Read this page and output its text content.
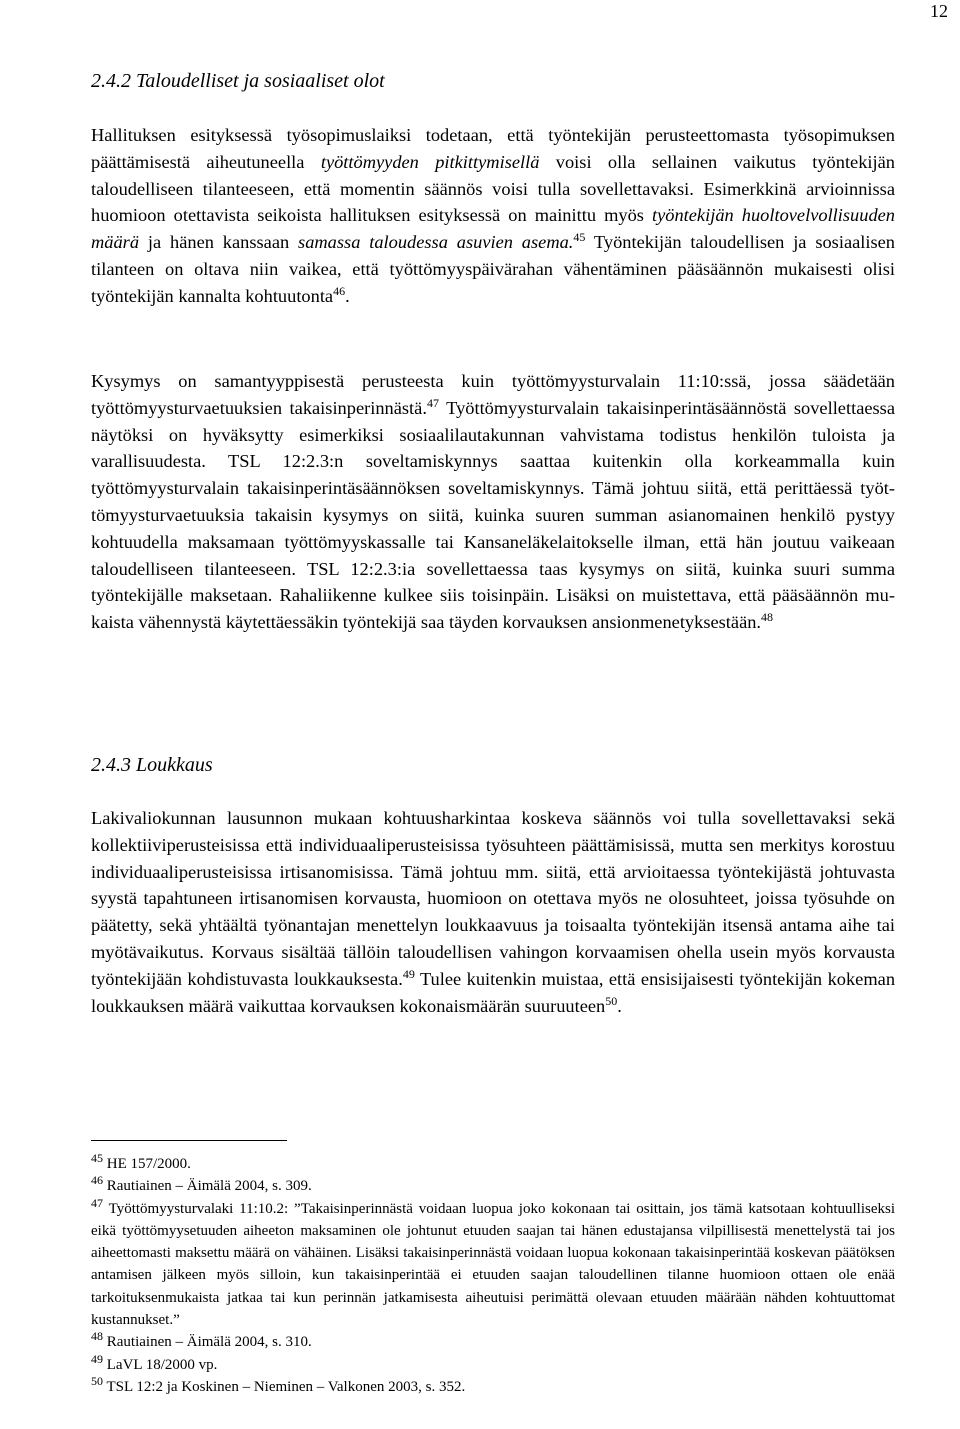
12
2.4.2 Taloudelliset ja sosiaaliset olot
Hallituksen esityksessä työsopimuslaiksi todetaan, että työntekijän perusteettomasta työsopimuksen päättämisestä aiheutuneella työttömyyden pitkittymisellä voisi olla sellainen vaikutus työntekijän taloudelliseen tilanteeseen, että momentin säännös voisi tulla sovellettavaksi. Esimerkkinä arvioinnissa huomioon otettavista seikoista hallituksen esityksessä on mainittu myös työntekijän huoltovelvollisuuden määrä ja hänen kanssaan samassa taloudessa asuvien asema.$^{45}$ Työntekijän taloudellisen ja sosiaalisen tilanteen on oltava niin vaikea, että työttömyyspäivärahan vähentäminen pääsäännön mukaisesti olisi työntekijän kannalta kohtuutonta$^{46}$.
Kysymys on samantyyppisestä perusteesta kuin työttömyysturvalain 11:10:ssä, jossa säädetään työttömyysturvaetuuksien takaisinperinnästä.$^{47}$ Työttömyysturvalain takaisinperintäsäännöstä sovellettaessa näytöksi on hyväksytty esimerkiksi sosiaalilautakunnan vahvistama todistus henkilön tuloista ja varallisuudesta. TSL 12:2.3:n soveltamiskynnys saattaa kuitenkin olla korkeammalla kuin työttömyysturvalain takaisinperintäsäännöksen soveltamiskynnys. Tämä johtuu siitä, että perittäessä työttömyysturvaetuuksia takaisin kysymys on siitä, kuinka suuren summan asianomainen henkilö pystyy kohtuudella maksamaan työttömyyskassalle tai Kansaneläkelaitokselle ilman, että hän joutuu vaikeaan taloudelliseen tilanteeseen. TSL 12:2.3:ia sovellettaessa taas kysymys on siitä, kuinka suuri summa työntekijälle maksetaan. Rahaliikenne kulkee siis toisinpäin. Lisäksi on muistettava, että pääsäännön mukaista vähennystä käytettäessäkin työntekijä saa täyden korvauksen ansionmenetyksestään.$^{48}$
2.4.3 Loukkaus
Lakivaliokunnan lausunnon mukaan kohtuusharkintaa koskeva säännös voi tulla sovellettavaksi sekä kollektiiviperusteisissa että individuaaliperusteisissa työsuhteen päättämisissä, mutta sen merkitys korostuu individuaaliperusteisissa irtisanomisissa. Tämä johtuu mm. siitä, että arvioitaessa työntekijästä johtuvasta syystä tapahtuneen irtisanomisen korvausta, huomioon on otettava myös ne olosuhteet, joissa työsuhde on päätetty, sekä yhtäältä työnantajan menettelyn loukkaavuus ja toisaalta työntekijän itsensä antama aihe tai myötävaikutus. Korvaus sisältää tällöin taloudellisen vahingon korvaamisen ohella usein myös korvausta työntekijään kohdistuvasta loukkauksesta.$^{49}$ Tulee kuitenkin muistaa, että ensisijaisesti työntekijän kokeman loukkauksen määrä vaikuttaa korvauksen kokonaismäärän suuruuteen$^{50}$.
$^{45}$ HE 157/2000.
$^{46}$ Rautiainen – Äimälä 2004, s. 309.
$^{47}$ Työttömyysturvalaki 11:10.2: ”Takaisinperinnästä voidaan luopua joko kokonaan tai osittain, jos tämä katsotaan kohtuulliseksi eikä työttömyysetuuden aiheeton maksaminen ole johtunut etuuden saajan tai hänen edustajansa vilpillisestä menettelystä tai jos aiheettomasti maksettu määrä on vähäinen. Lisäksi takaisinperinnästä voidaan luopua kokonaan takaisinperintää koskevan päätöksen antamisen jälkeen myös silloin, kun takaisinperintää ei etuuden saajan taloudellinen tilanne huomioon ottaen ole enää tarkoituksenmukaista jatkaa tai kun perinnän jatkamisesta aiheutuisi perimättä olevaan etuuden määrään nähden kohtuuttomat kustannukset.”
$^{48}$ Rautiainen – Äimälä 2004, s. 310.
$^{49}$ LaVL 18/2000 vp.
$^{50}$ TSL 12:2 ja Koskinen – Nieminen – Valkonen 2003, s. 352.
